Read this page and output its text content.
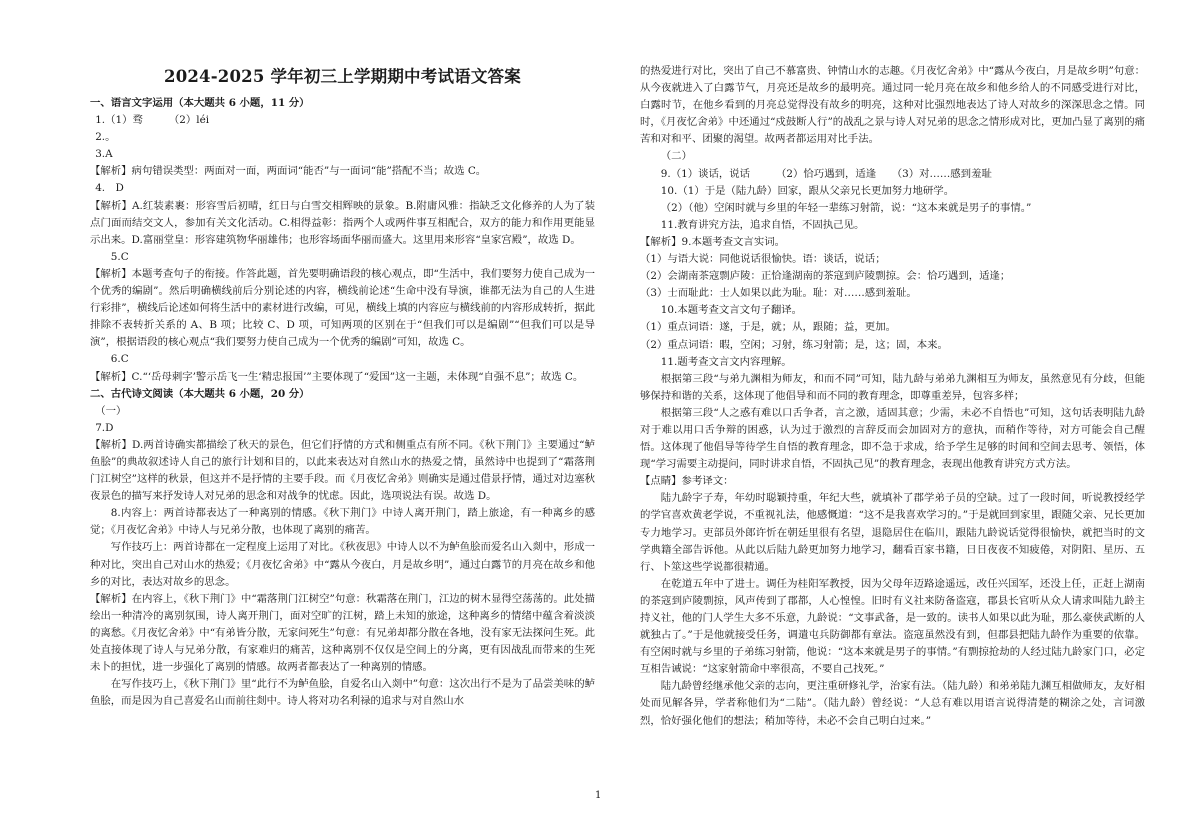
2024-2025 学年初三上学期期中考试语文答案

一、语言文字运用（本大题共 6 小题，11 分）

1.（1）骛　　　（2）léi

2.。

3.A

【解析】病句错误类型：两面对一面，两面词“能否”与一面词“能”搭配不当；故选 C。

4.　D

【解析】A.红装素裹：形容雪后初晴，红日与白雪交相辉映的景象。B.附庸风雅：指缺乏文化修养的人为了装点门面而结交文人，参加有关文化活动。C.相得益彰：指两个人或两件事互相配合，双方的能力和作用更能显示出来。D.富丽堂皇：形容建筑物华丽雄伟；也形容场面华丽而盛大。这里用来形容“皇家宫殿”，故选 D。

5.C

【解析】本题考查句子的衔接。作答此题，首先要明确语段的核心观点，即“生活中，我们要努力使自己成为一个优秀的编剧”。然后明确横线前后分别论述的内容，横线前论述“生命中没有导演，谁都无法为自己的人生进行彩排”，横线后论述如何将生活中的素材进行改编，可见，横线上填的内容应与横线前的内容形成转折，据此排除不表转折关系的 A、B 项；比较 C、D 项，可知两项的区别在于“但我们可以是编剧”“但我们可以是导演”，根据语段的核心观点“我们要努力使自己成为一个优秀的编剧”可知，故选 C。

6.C

【解析】C.“‘岳母刺字’警示岳飞一生‘精忠报国’”主要体现了“爱国”这一主题，未体现“自强不息”；故选 C。

二、古代诗文阅读（本大题共 6 小题，20 分）

（一）

7.D

【解析】D.两首诗确实都描绘了秋天的景色，但它们抒情的方式和侧重点有所不同。《秋下荆门》主要通过“鲈鱼脍”的典故叙述诗人自己的旅行计划和目的，以此来表达对自然山水的热爱之情，虽然诗中也提到了“霜落荆门江树空”这样的秋景，但这并不是抒情的主要手段。而《月夜忆舍弟》则确实是通过借景抒情，通过对边塞秋夜景色的描写来抒发诗人对兄弟的思念和对战争的忧虑。因此，选项说法有误。故选 D。

8.内容上：两首诗都表达了一种离别的情感。《秋下荆门》中诗人离开荆门，踏上旅途，有一种离乡的感觉；《月夜忆舍弟》中诗人与兄弟分散，也体现了离别的痛苦。

写作技巧上：两首诗都在一定程度上运用了对比。《秋夜思》中诗人以不为鲈鱼脍而爱名山入剡中，形成一种对比，突出自己对山水的热爱；《月夜忆舍弟》中“露从今夜白，月是故乡明”，通过白露节的月亮在故乡和他乡的对比，表达对故乡的思念。

【解析】在内容上，《秋下荆门》中“霜落荆门江树空”句意：秋霜落在荆门，江边的树木显得空荡荡的。此处描绘出一种清冷的离别氛围，诗人离开荆门，面对空旷的江树，踏上未知的旅途，这种离乡的情绪中蕴含着淡淡的离愁。《月夜忆舍弟》中“有弟皆分散，无家问死生”句意：有兄弟却都分散在各地，没有家无法探问生死。此处直接体现了诗人与兄弟分散，有家难归的痛苦，这种离别不仅仅是空间上的分离，更有因战乱而带来的生死未卜的担忧，进一步强化了离别的情感。故两者都表达了一种离别的情感。

在写作技巧上，《秋下荆门》里“此行不为鲈鱼脍，自爱名山入剡中”句意：这次出行不是为了品尝美味的鲈鱼脍，而是因为自己喜爱名山而前往剡中。诗人将对功名利禄的追求与对自然山水

的热爱进行对比，突出了自己不慕富贵、钟情山水的志趣。《月夜忆舍弟》中“露从今夜白，月是故乡明”句意：从今夜就进入了白露节气，月亮还是故乡的最明亮。通过同一轮月亮在故乡和他乡给人的不同感受进行对比，白露时节，在他乡看到的月亮总觉得没有故乡的明亮，这种对比强烈地表达了诗人对故乡的深深思念之情。同时，《月夜忆舍弟》中还通过“戍鼓断人行”的战乱之景与诗人对兄弟的思念之情形成对比，更加凸显了离别的痛苦和对和平、团聚的渴望。故两者都运用对比手法。

（二）

9.（1）谈话，说话　　　（2）恰巧遇到，适逢　　（3）对……感到羞耻

10.（1）于是（陆九龄）回家，跟从父亲兄长更加努力地研学。

（2）（他）空闲时就与乡里的年轻一辈练习射箭，说：“这本来就是男子的事情。”

11.教育讲究方法，追求自悟，不固执己见。

【解析】9.本题考查文言实词。

（1）与语大说：同他说话很愉快。语：谈话，说话；

（2）会湖南茶寇剽庐陵：正恰逢湖南的茶寇到庐陵剽掠。会：恰巧遇到，适逢；

（3）士而耻此：士人如果以此为耻。耻：对……感到羞耻。

10.本题考查文言文句子翻译。

（1）重点词语：遂，于是，就；从，跟随；益，更加。

（2）重点词语：暇，空闲；习射，练习射箭；是，这；固，本来。

11.题考查文言文内容理解。

根据第三段“与弟九渊相为师友，和而不同”可知，陆九龄与弟弟九渊相互为师友，虽然意见有分歧，但能够保持和谐的关系，这体现了他倡导和而不同的教育理念，即尊重差异，包容多样；

根据第三段“人之惑有难以口舌争者，言之激，适固其意；少需，未必不自悟也”可知，这句话表明陆九龄对于难以用口舌争辩的困惑，认为过于激烈的言辞反而会加固对方的意执，而稍作等待，对方可能会自己醒悟。这体现了他倡导等待学生自悟的教育理念，即不急于求成，给予学生足够的时间和空间去思考、领悟，体现“学习需要主动提问，同时讲求自悟，不固执己见”的教育理念，表现出他教育讲究方式方法。

【点睛】参考译文：

陆九龄字子寿，年幼时聪颖持重，年纪大些，就填补了郡学弟子员的空缺。过了一段时间，听说教授经学的学官喜欢黄老学说，不重视礼法，他感慨道：“这不是我喜欢学习的。”于是就回到家里，跟随父亲、兄长更加专力地学习。吏部员外郎许忻在朝廷里很有名望，退隐居住在临川，跟陆九龄说话觉得很愉快，就把当时的文学典籍全部告诉他。从此以后陆九龄更加努力地学习，翻看百家书籍，日日夜夜不知疲倦，对阴阳、星历、五行、卜筮这些学说都很精通。

在乾道五年中了进士。调任为桂阳军教授，因为父母年迈路途遥远，改任兴国军，还没上任，正赶上湖南的茶寇到庐陵剽掠，风声传到了郡都，人心惶惶。旧时有义社来防备盗寇，郡县长官听从众人请求叫陆九龄主持义社，他的门人学生大多不乐意，九龄说：“文事武备，是一致的。读书人如果以此为耻，那么豪侠武断的人就独占了。”于是他就接受任务，调遣屯兵防御都有章法。盗寇虽然没有到，但郡县把陆九龄作为重要的依靠。有空闲时就与乡里的子弟练习射箭，他说：“这本来就是男子的事情。”有剽掠抢劫的人经过陆九龄家门口，必定互相告诫说：“这家射箭命中率很高，不要自己找死。”

陆九龄曾经继承他父亲的志向，更注重研修礼学，治家有法。（陆九龄）和弟弟陆九渊互相做师友，友好相处而见解各异，学者称他们为“二陆”。（陆九龄）曾经说：“人总有难以用语言说得清楚的糊涂之处，言词激烈，恰好强化他们的想法；稍加等待，未必不会自己明白过来。”

1
